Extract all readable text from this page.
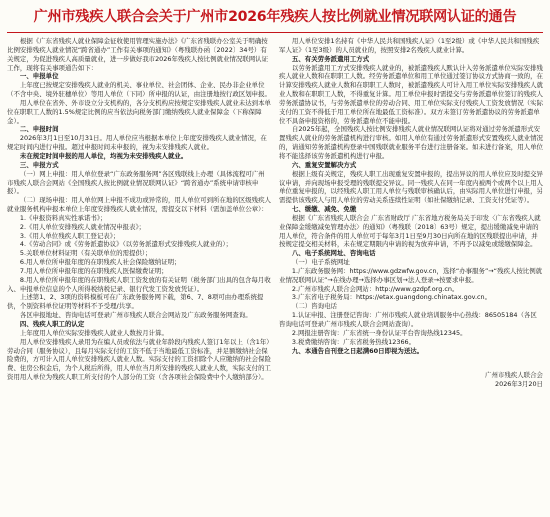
广州市残疾人联合会关于广州市2026年残疾人按比例就业情况联网认证的通告

根据《广东省残疾人就业保障金征收使用管理实施办法》《广东省残联办公室关于明确按比例安排残疾人就业情况“跨省通办”工作有关事项的通知》（粤残联办函〔2022〕34号）有关规定，为促进残疾人高质量就业，进一步做好我市2026年残疾人按比例就业情况联网认证工作，现将有关事项通告如下：

一、申报单位

上年度已按规定安排残疾人就业的机关、事业单位、社会团体、企业、民办非企业单位（不含中央、境外驻穗单位）等用人单位（下同）所申报的认证，由注册地按行政区划申报。

用人单位在省外、外市设立分支机构的，各分支机构应按规定安排残疾人就业未达到本单位在职职工人数的1.5%规定比例的应当依法向税务部门缴纳残疾人就业保障金（下称保障金）。

二、申报时间

2026年3月1日至10月31日。用人单位应当根据本单位上年度安排残疾人就业情况，在规定时间内进行申报。超过申报时间未申报的，视为未安排残疾人就业。

未在规定时间申报的用人单位，均视为未安排残疾人就业。

三、申报方式

（一）网上申报：用人单位登录“广东政务服务网”各区残联线上办理（具体流程可广州市残疾人联合会网站《全国残疾人按比例就业情况联网认证》“跨省通办”系统申请审核申报）。

（二）现场申报：用人单位网上申报不成功或异常的，用人单位可到所在地的区级残疾人就业服务机构申报本单位上年度安排残疾人就业情况，需提交以下材料（需加盖单位公章）：

1.《申报资料真实性承诺书》；

2.《用人单位安排残疾人就业情况申报表》；

3.《用人单位残疾人职工登记表》；

4.《劳动合同》或《劳务派遣协议》（以劳务派遣形式安排残疾人就业的）；

5.关联单位材料证明（有关联单位的需提供）；

6.用人单位所申报年度的在职残疾人社会保险缴纳证明；

7.用人单位所申报年度的在职残疾人医保缴费证明；

8.用人单位所申报年度的在职残疾人职工资发放的有关证明（税务部门出具的包含每月收入、申报单位信息的个人所得税纳税记录、银行代发工资发放凭证）。

上述第1、2、3项的资料模板可在广东政务服务网下载，第6、7、8项可由办理系统提供，个别资料单位证明等材料不予受理/共享。

各区申报地址、咨询电话可登录广州市残疾人联合会网站及广东政务服务网查询。

四、残疾人职工的认定

上年度用人单位实际安排残疾人就业人数按月计算。

用人单位安排残疾人录用为在编人员或依法与就业年龄段内残疾人签订1年以上（含1年）劳动合同（服务协议），且每月实际支付的工资不低于当地最低工资标准，并足额缴纳社会保险费的，方可计入用人单位安排残疾人就业人数。实际支付的工资扣除个人应缴纳的社会保险费、住房公积金后，为个人税后所得，用人单位当月所安排的残疾人就业人数，实际支付的工资用用人单位为残疾人职工所支付的个人部分的工资（含各项社会保险费中个人缴纳部分）。

用人单位安排1名持有《中华人民共和国残疾人证》（1至2级）或《中华人民共和国残疾军人证》（1至3级）的人员就业的，按照安排2名残疾人就业计算。

五、有关劳务派遣用工方式

以劳务派遣用工方式安排残疾人就业的，被派遣残疾人默认计入劳务派遣单位实际安排残疾人就业人数和在职职工人数。经劳务派遣单位和用工单位通过签订协议方式协商一致的，在计算安排残疾人就业人数和在职职工人数时，被派遣残疾人可计入用工单位实际安排残疾人就业人数和在职职工人数，不得重复计算。用工单位申报时需提交与劳务派遣单位签订的残疾人劳务派遣协议书，与劳务派遣单位的劳动合同、用工单位实际支付残疾人工资发放情况（实际支付的工资不得低于用工单位所在地最低工资标准）。双方未签订劳务派遣协议的劳务派遣单位不具备申报资格的，劳务派遣单位不能申报。

自2025年起，全国残疾人按比例安排残疾人就业情况联网认证将对通过劳务派遣形式安置残疾人就业的劳务派遣机构进行审核。如用人单位有通过劳务派遣形式安置残疾人就业情况的，请通知劳务派遣机构登录中国残联就业服务平台进行注册备案。如未进行备案，用人单位将不能选择该劳务派遣机构进行申报。

六、重复安置解决方式

根据上级有关规定，残疾人职工出现重复安置申报的，提出异议的用人单位应及时提交异议申请，并向现场申报受理的残联提交异议。同一残疾人在同一年度内被两个或两个以上用人单位重复申报的，以经残疾人职工用人单位与残联审核确认后，由实际用人单位进行申报，另需提供该残疾人与用人单位的劳动关系连续性证明（如社保缴纳记录、工资支付凭证等）。

七、缓缴、减免、免缴

根据《广东省残疾人联合会 广东省财政厅 广东省地方税务局关于印发〈广东省残疾人就业保障金缓缴减免管理办法〉的通知》（粤残联〔2018〕63号）规定，提出缓缴减免申请的用人单位，符合条件的用人单位可于每年3月1日至9月30日向所在地的区残联提出申请，并按规定提交相关材料，未在规定期限内申请的视为放弃申请，不再予以减免或缓缴保障金。

八、电子系统网址、咨询电话

（一）电子系统网址

1.广东政务服务网：https://www.gdzwfw.gov.cn，选择“办事服务”→“残疾人按比例就业情况联网认证”→在线办理→选择办事区划→法人登录→按要求申报。

2.广州市残疾人联合会网站：http://www.gzdpf.org.cn。

3.广东省电子税务局：https://etax.guangdong.chinatax.gov.cn。

（二）咨询电话

1.认证申报、注册登记咨询：广州市残疾人就业培训服务中心热线：86505184（各区咨询电话可登录广州市残疾人联合会网站查询）。

2.网报注册咨询：广东省统一身份认证平台咨询热线12345。

3.税费缴纳咨询：广东省税务热线12366。

九、本通告自刊登之日起满60日即视为送达。

广州市残疾人联合会

2026年3月20日
